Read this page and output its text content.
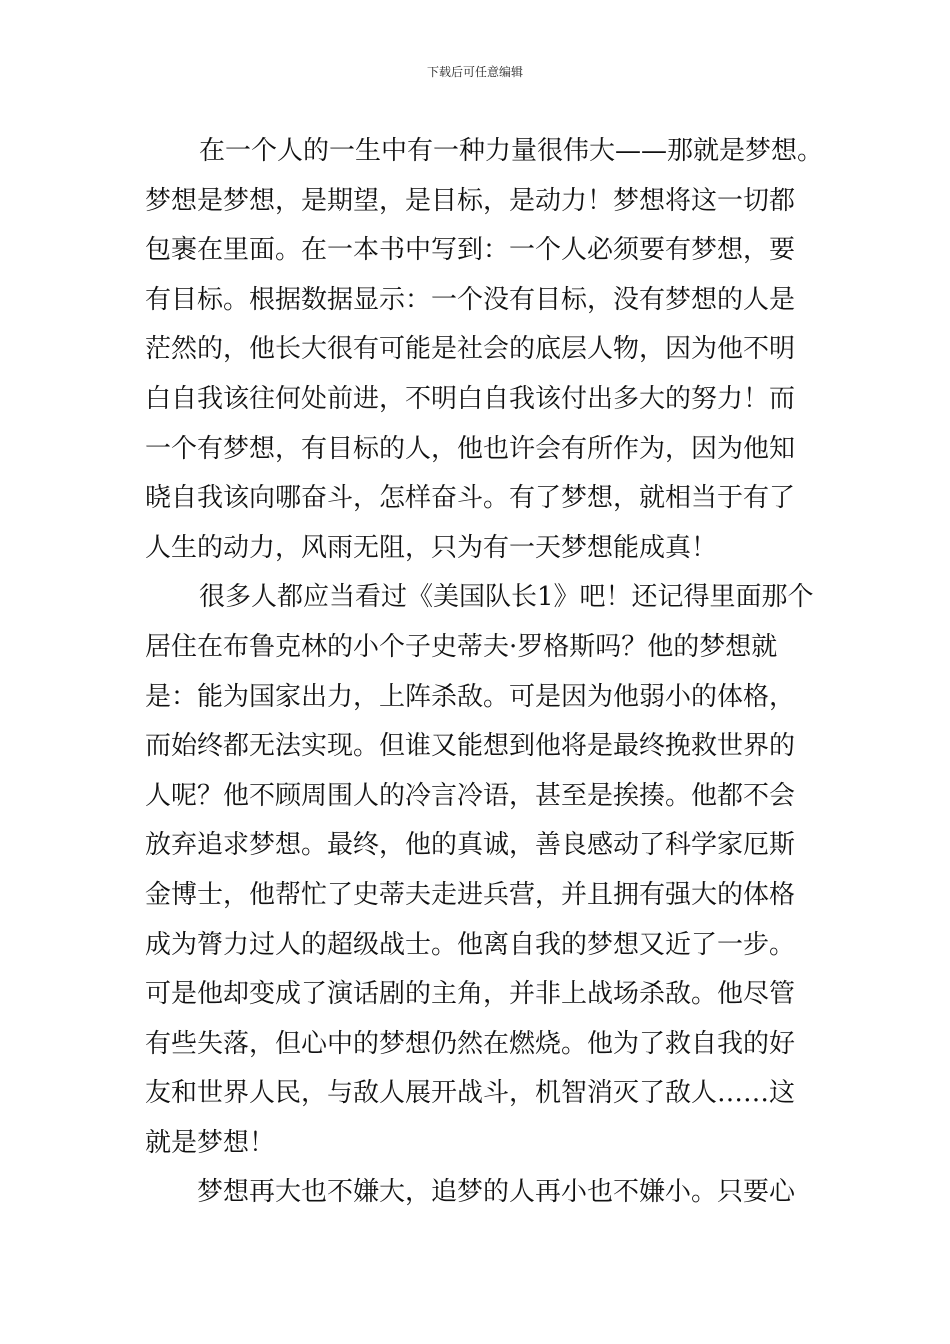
下载后可任意编辑
在一个人的一生中有一种力量很伟大——那就是梦想。
梦想是梦想，是期望，是目标，是动力！梦想将这一切都
包裹在里面。在一本书中写到：一个人必须要有梦想，要
有目标。根据数据显示：一个没有目标，没有梦想的人是
茫然的，他长大很有可能是社会的底层人物，因为他不明
白自我该往何处前进，不明白自我该付出多大的努力！而
一个有梦想，有目标的人，他也许会有所作为，因为他知
晓自我该向哪奋斗，怎样奋斗。有了梦想，就相当于有了
人生的动力，风雨无阻，只为有一天梦想能成真！
很多人都应当看过《美国队长1》吧！还记得里面那个
居住在布鲁克林的小个子史蒂夫·罗格斯吗？他的梦想就
是：能为国家出力，上阵杀敌。可是因为他弱小的体格，
而始终都无法实现。但谁又能想到他将是最终挽救世界的
人呢？他不顾周围人的冷言冷语，甚至是挨揍。他都不会
放弃追求梦想。最终，他的真诚，善良感动了科学家厄斯
金博士，他帮忙了史蒂夫走进兵营，并且拥有强大的体格
成为膂力过人的超级战士。他离自我的梦想又近了一步。
可是他却变成了演话剧的主角，并非上战场杀敌。他尽管
有些失落，但心中的梦想仍然在燃烧。他为了救自我的好
友和世界人民，与敌人展开战斗，机智消灭了敌人……这
就是梦想！
梦想再大也不嫌大，追梦的人再小也不嫌小。只要心
